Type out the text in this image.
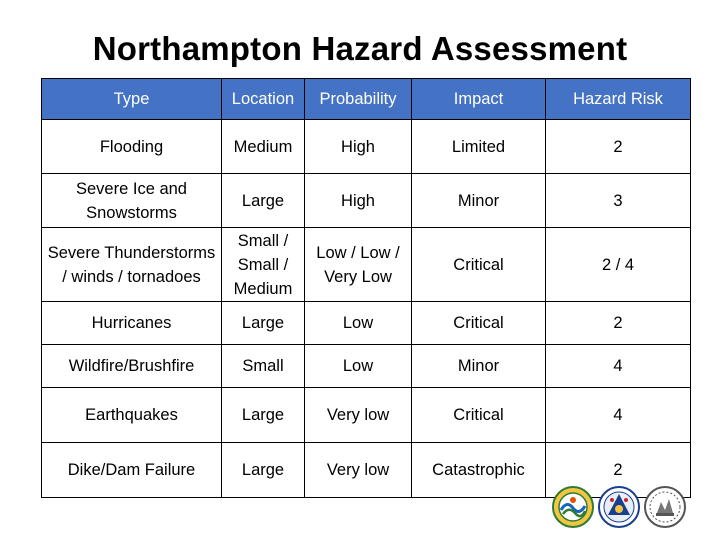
Northampton Hazard Assessment
Type	Location	Probability	Impact	Hazard Risk
Flooding	Medium	High	Limited	2
Severe Ice and Snowstorms	Large	High	Minor	3
Severe Thunderstorms / winds / tornadoes	Small / Small / Medium	Low / Low / Very Low	Critical	2 / 4
Hurricanes	Large	Low	Critical	2
Wildfire/Brushfire	Small	Low	Minor	4
Earthquakes	Large	Very low	Critical	4
Dike/Dam Failure	Large	Very low	Catastrophic	2
